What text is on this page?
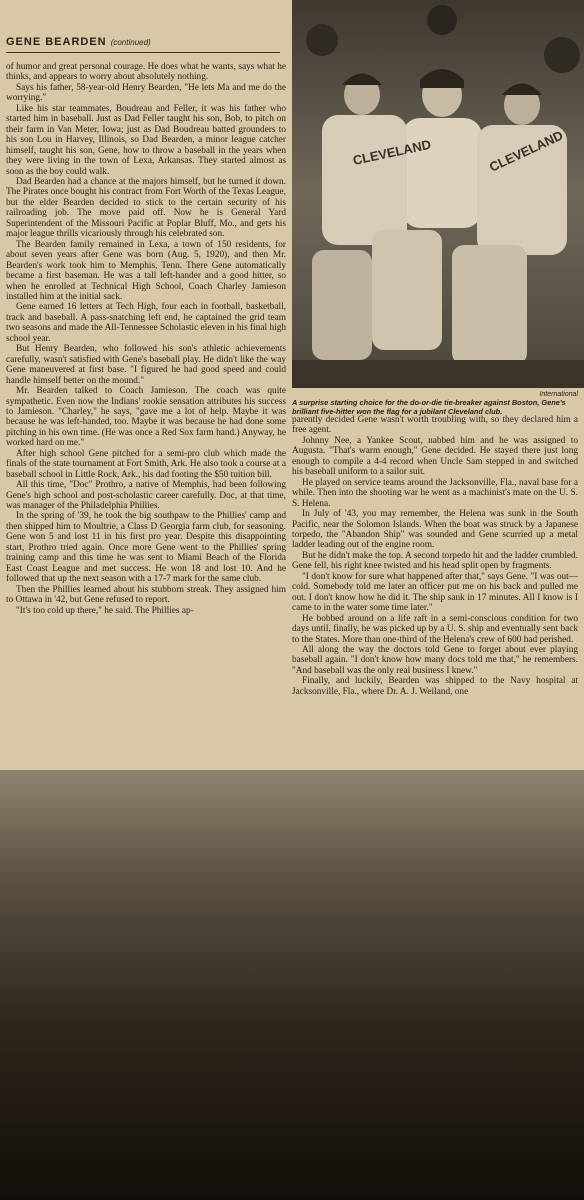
GENE BEARDEN (continued)

of humor and great personal courage. He does what he wants, says what he thinks, and appears to worry about absolutely nothing.

Says his father, 58-year-old Henry Bearden, "He lets Ma and me do the worrying."

Like his star teammates, Boudreau and Feller, it was his father who started him in baseball. Just as Dad Feller taught his son, Bob, to pitch on their farm in Van Meter, Iowa; just as Dad Boudreau batted grounders to his son Lou in Harvey, Illinois, so Dad Bearden, a minor league catcher himself, taught his son, Gene, how to throw a baseball in the years when they were living in the town of Lexa, Arkansas. They started almost as soon as the boy could walk.

Dad Bearden had a chance at the majors himself, but he turned it down. The Pirates once bought his contract from Fort Worth of the Texas League, but the elder Bearden decided to stick to the certain security of his railroading job. The move paid off. Now he is General Yard Superintendent of the Missouri Pacific at Poplar Bluff, Mo., and gets his major league thrills vicariously through his celebrated son.

The Bearden family remained in Lexa, a town of 150 residents, for about seven years after Gene was born (Aug. 5, 1920), and then Mr. Bearden's work took him to Memphis, Tenn. There Gene automatically became a first baseman. He was a tall left-hander and a good hitter, so when he enrolled at Technical High School, Coach Charley Jamieson installed him at the initial sack.

Gene earned 16 letters at Tech High, four each in football, basketball, track and baseball. A pass-snatching left end, he captained the grid team two seasons and made the All-Tennessee Scholastic eleven in his final high school year.

But Henry Bearden, who followed his son's athletic achievements carefully, wasn't satisfied with Gene's baseball play. He didn't like the way Gene maneuvered at first base. "I figured he had good speed and could handle himself better on the mound."

Mr. Bearden talked to Coach Jamieson. The coach was quite sympathetic. Even now the Indians' rookie sensation attributes his success to Jamieson. "Charley," he says, "gave me a lot of help. Maybe it was because he was left-handed, too. Maybe it was because he had done some pitching in his own time. (He was once a Red Sox farm hand.) Anyway, he worked hard on me."

After high school Gene pitched for a semi-pro club which made the finals of the state tournament at Fort Smith, Ark. He also took a course at a baseball school in Little Rock, Ark., his dad footing the $50 tuition bill.

All this time, "Doc" Prothro, a native of Memphis, had been following Gene's high school and post-scholastic career carefully. Doc, at that time, was manager of the Philadelphia Phillies.

In the spring of '39, he took the big southpaw to the Phillies' camp and then shipped him to Moultrie, a Class D Georgia farm club, for seasoning. Gene won 5 and lost 11 in his first pro year. Despite this disappointing start, Prothro tried again. Once more Gene went to the Phillies' spring training camp and this time he was sent to Miami Beach of the Florida East Coast League and met success. He won 18 and lost 10. And he followed that up the next season with a 17-7 mark for the same club.

Then the Phillies learned about his stubborn streak. They assigned him to Ottawa in '42, but Gene refused to report.

"It's too cold up there," he said. The Phillies ap-

CLEVELAND	CLEVELAND
International
A surprise starting choice for the do-or-die tie-breaker against Boston, Gene's brilliant five-hitter won the flag for a jubilant Cleveland club.

parently decided Gene wasn't worth troubling with, so they declared him a free agent.

Johnny Nee, a Yankee Scout, nabbed him and he was assigned to Augusta. "That's warm enough," Gene decided. He stayed there just long enough to compile a 4-4 record when Uncle Sam stepped in and switched his baseball uniform to a sailor suit.

He played on service teams around the Jacksonville, Fla., naval base for a while. Then into the shooting war he went as a machinist's mate on the U. S. S. Helena.

In July of '43, you may remember, the Helena was sunk in the South Pacific, near the Solomon Islands. When the boat was struck by a Japanese torpedo, the "Abandon Ship" was sounded and Gene scurried up a metal ladder leading out of the engine room.

But he didn't make the top. A second torpedo hit and the ladder crumbled. Gene fell, his right knee twisted and his head split open by fragments.

"I don't know for sure what happened after that," says Gene. "I was out—cold. Somebody told me later an officer put me on his back and pulled me out. I don't know how he did it. The ship sank in 17 minutes. All I know is I came to in the water some time later."

He bobbed around on a life raft in a semi-conscious condition for two days until, finally, he was picked up by a U. S. ship and eventually sent back to the States. More than one-third of the Helena's crew of 600 had perished.

All along the way the doctors told Gene to forget about ever playing baseball again. "I don't know how many docs told me that," he remembers. "And baseball was the only real business I knew."

Finally, and luckily, Bearden was shipped to the Navy hospital at Jacksonville, Fla., where Dr. A. J. Weiland, one
